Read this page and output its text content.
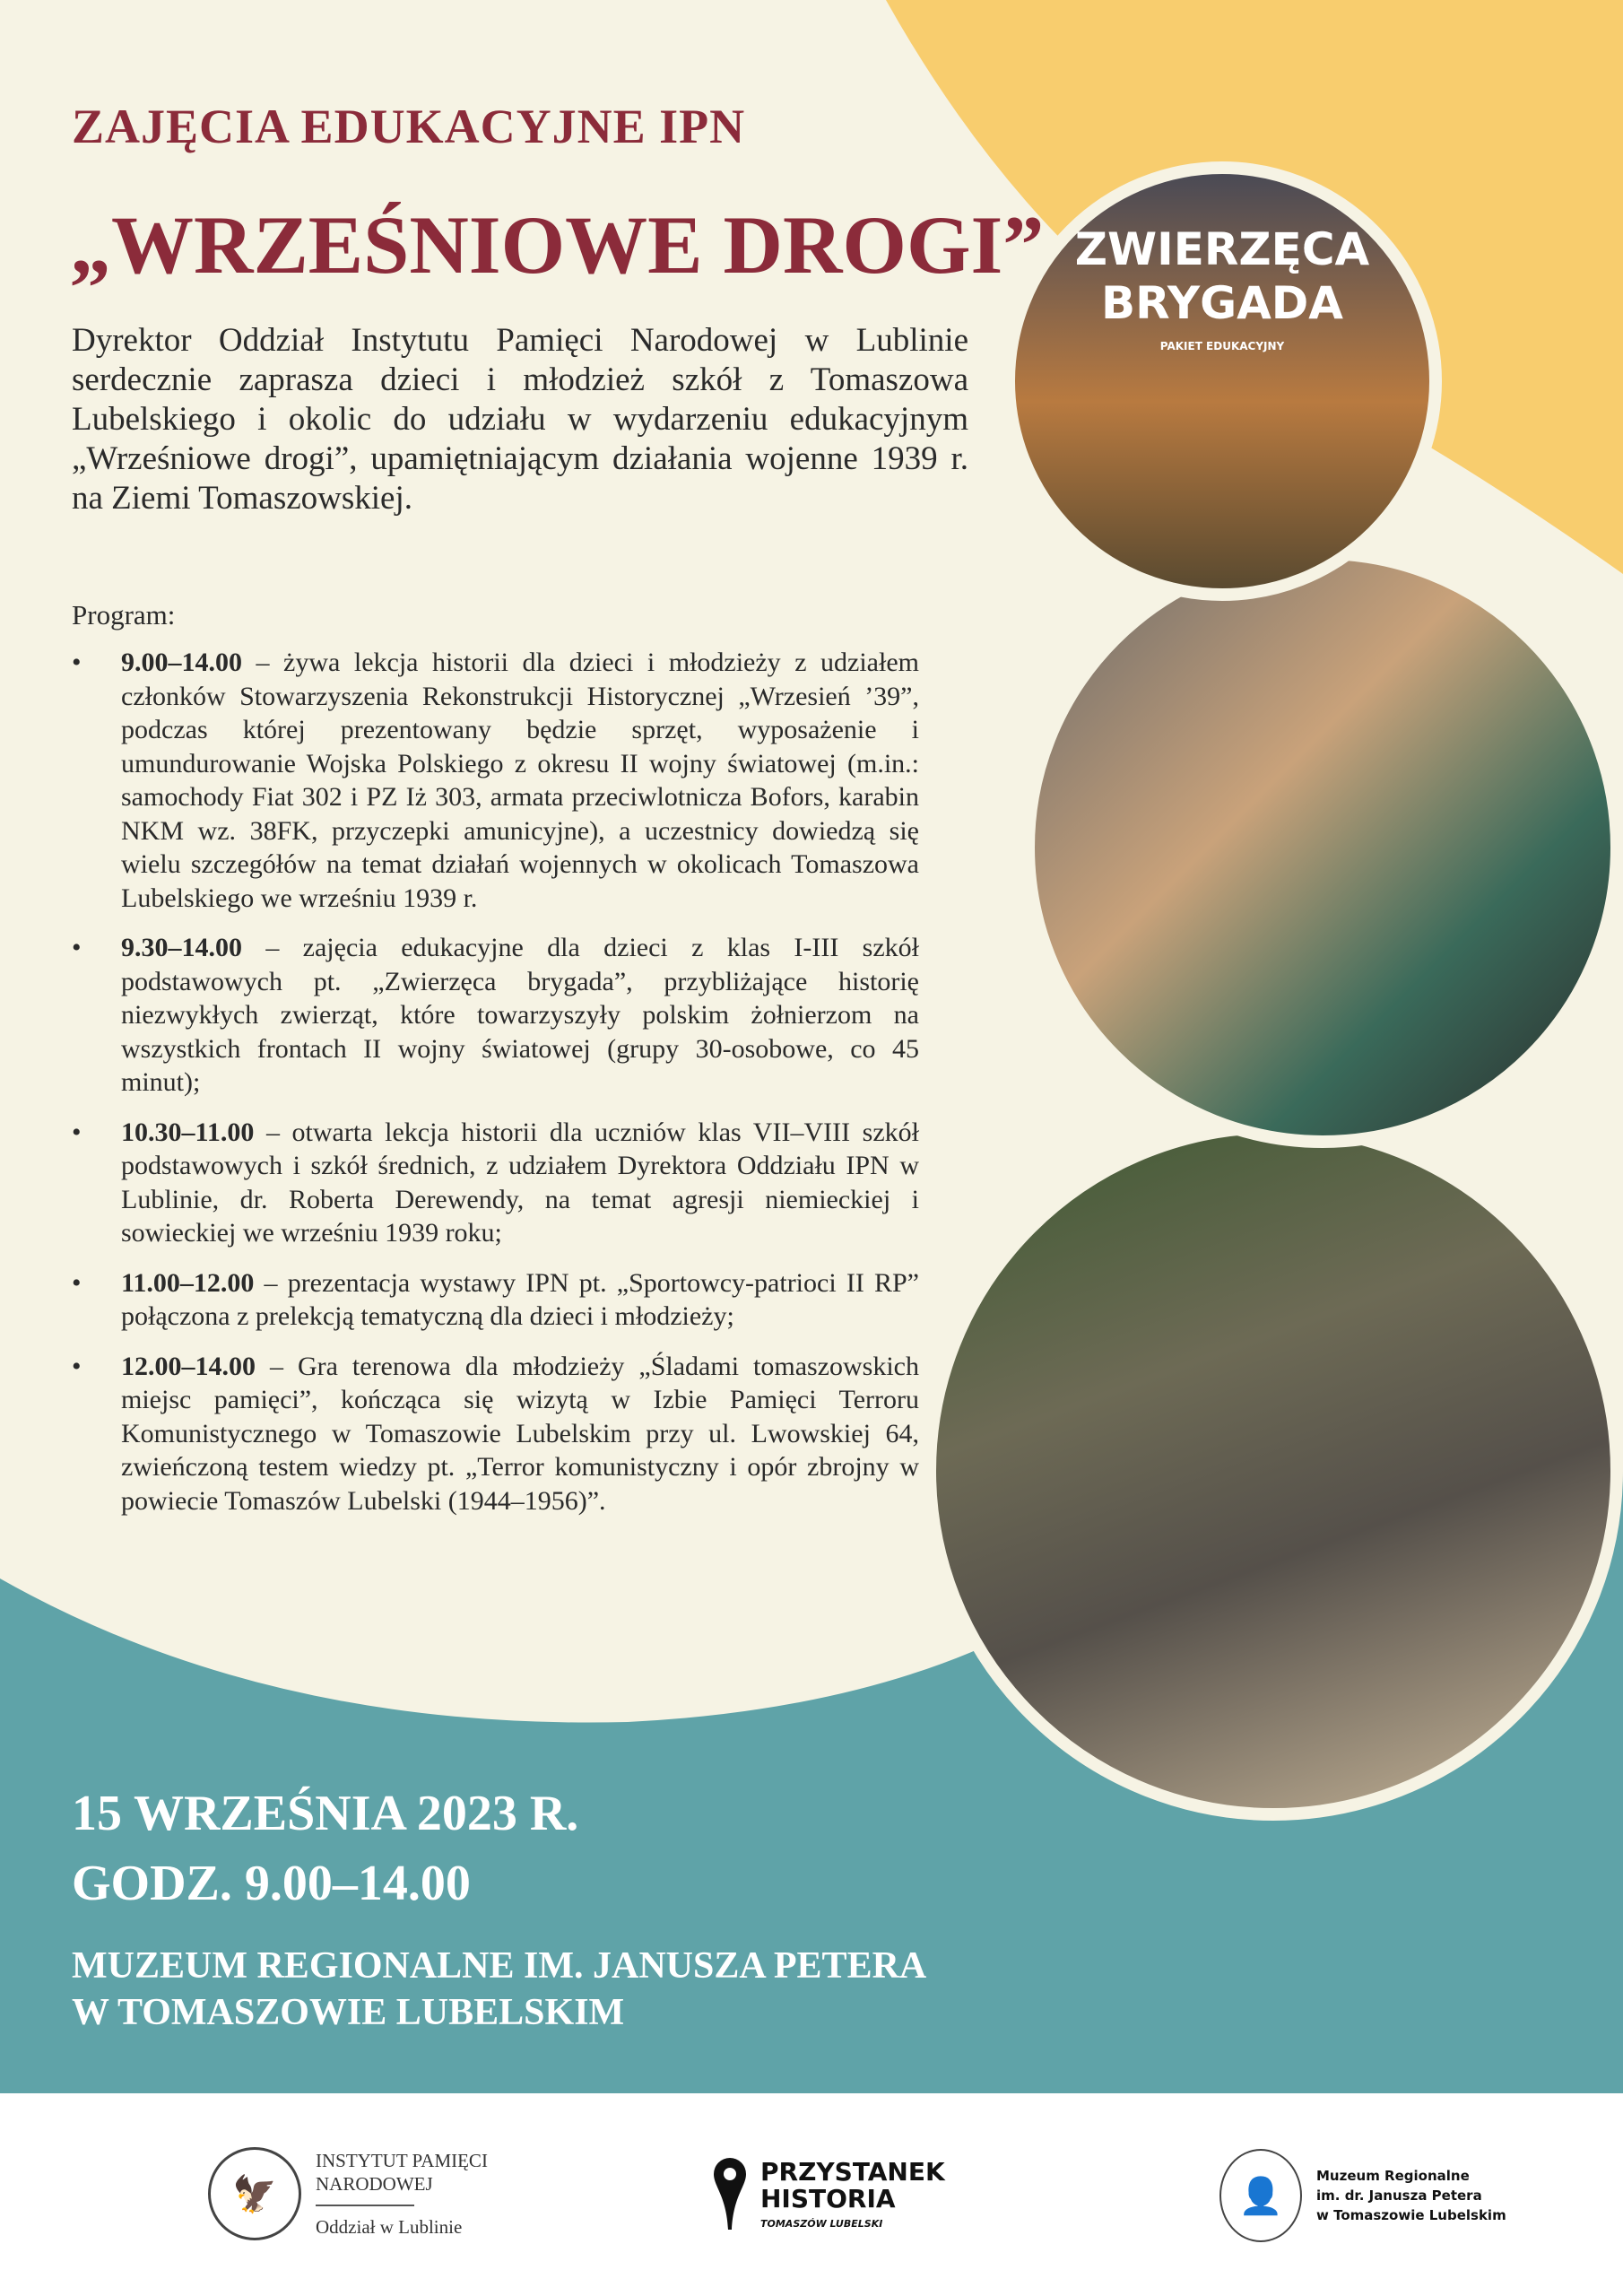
ZAJĘCIA EDUKACYJNE IPN
„WRZEŚNIOWE DROGI”

Dyrektor Oddział Instytutu Pamięci Narodowej w Lublinie serdecznie zaprasza dzieci i młodzież szkół z Tomaszowa Lubelskiego i okolic do udziału w wydarzeniu edukacyjnym „Wrześniowe drogi”, upamiętniającym działania wojenne 1939 r. na Ziemi Tomaszowskiej.

Program:
• 9.00–14.00 – żywa lekcja historii dla dzieci i młodzieży z udziałem członków Stowarzyszenia Rekonstrukcji Historycznej „Wrzesień ’39”, podczas której prezentowany będzie sprzęt, wyposażenie i umundurowanie Wojska Polskiego z okresu II wojny światowej (m.in.: samochody Fiat 302 i PZ Iż 303, armata przeciwlotnicza Bofors, karabin NKM wz. 38FK, przyczepki amunicyjne), a uczestnicy dowiedzą się wielu szczegółów na temat działań wojennych w okolicach Tomaszowa Lubelskiego we wrześniu 1939 r.
• 9.30–14.00 – zajęcia edukacyjne dla dzieci z klas I-III szkół podstawowych pt. „Zwierzęca brygada”, przybliżające historię niezwykłych zwierząt, które towarzyszyły polskim żołnierzom na wszystkich frontach II wojny światowej (grupy 30-osobowe, co 45 minut);
• 10.30–11.00 – otwarta lekcja historii dla uczniów klas VII–VIII szkół podstawowych i szkół średnich, z udziałem Dyrektora Oddziału IPN w Lublinie, dr. Roberta Derewendy, na temat agresji niemieckiej i sowieckiej we wrześniu 1939 roku;
• 11.00–12.00 – prezentacja wystawy IPN pt. „Sportowcy-patrioci II RP” połączona z prelekcją tematyczną dla dzieci i młodzieży;
• 12.00–14.00 – Gra terenowa dla młodzieży „Śladami tomaszowskich miejsc pamięci”, kończąca się wizytą w Izbie Pamięci Terroru Komunistycznego w Tomaszowie Lubelskim przy ul. Lwowskiej 64, zwieńczoną testem wiedzy pt. „Terror komunistyczny i opór zbrojny w powiecie Tomaszów Lubelski (1944–1956)”.
ZWIERZĘCA
BRYGADA
PAKIET EDUKACYJNY
15 WRZEŚNIA 2023 R.
GODZ. 9.00–14.00
MUZEUM REGIONALNE IM. JANUSZA PETERA
W TOMASZOWIE LUBELSKIM
🦅
INSTYTUT PAMIĘCI
NARODOWEJ
Oddział w Lublinie
PRZYSTANEK
HISTORIA
TOMASZÓW LUBELSKI
👤	Muzeum Regionalne
im. dr. Janusza Petera
w Tomaszowie Lubelskim
